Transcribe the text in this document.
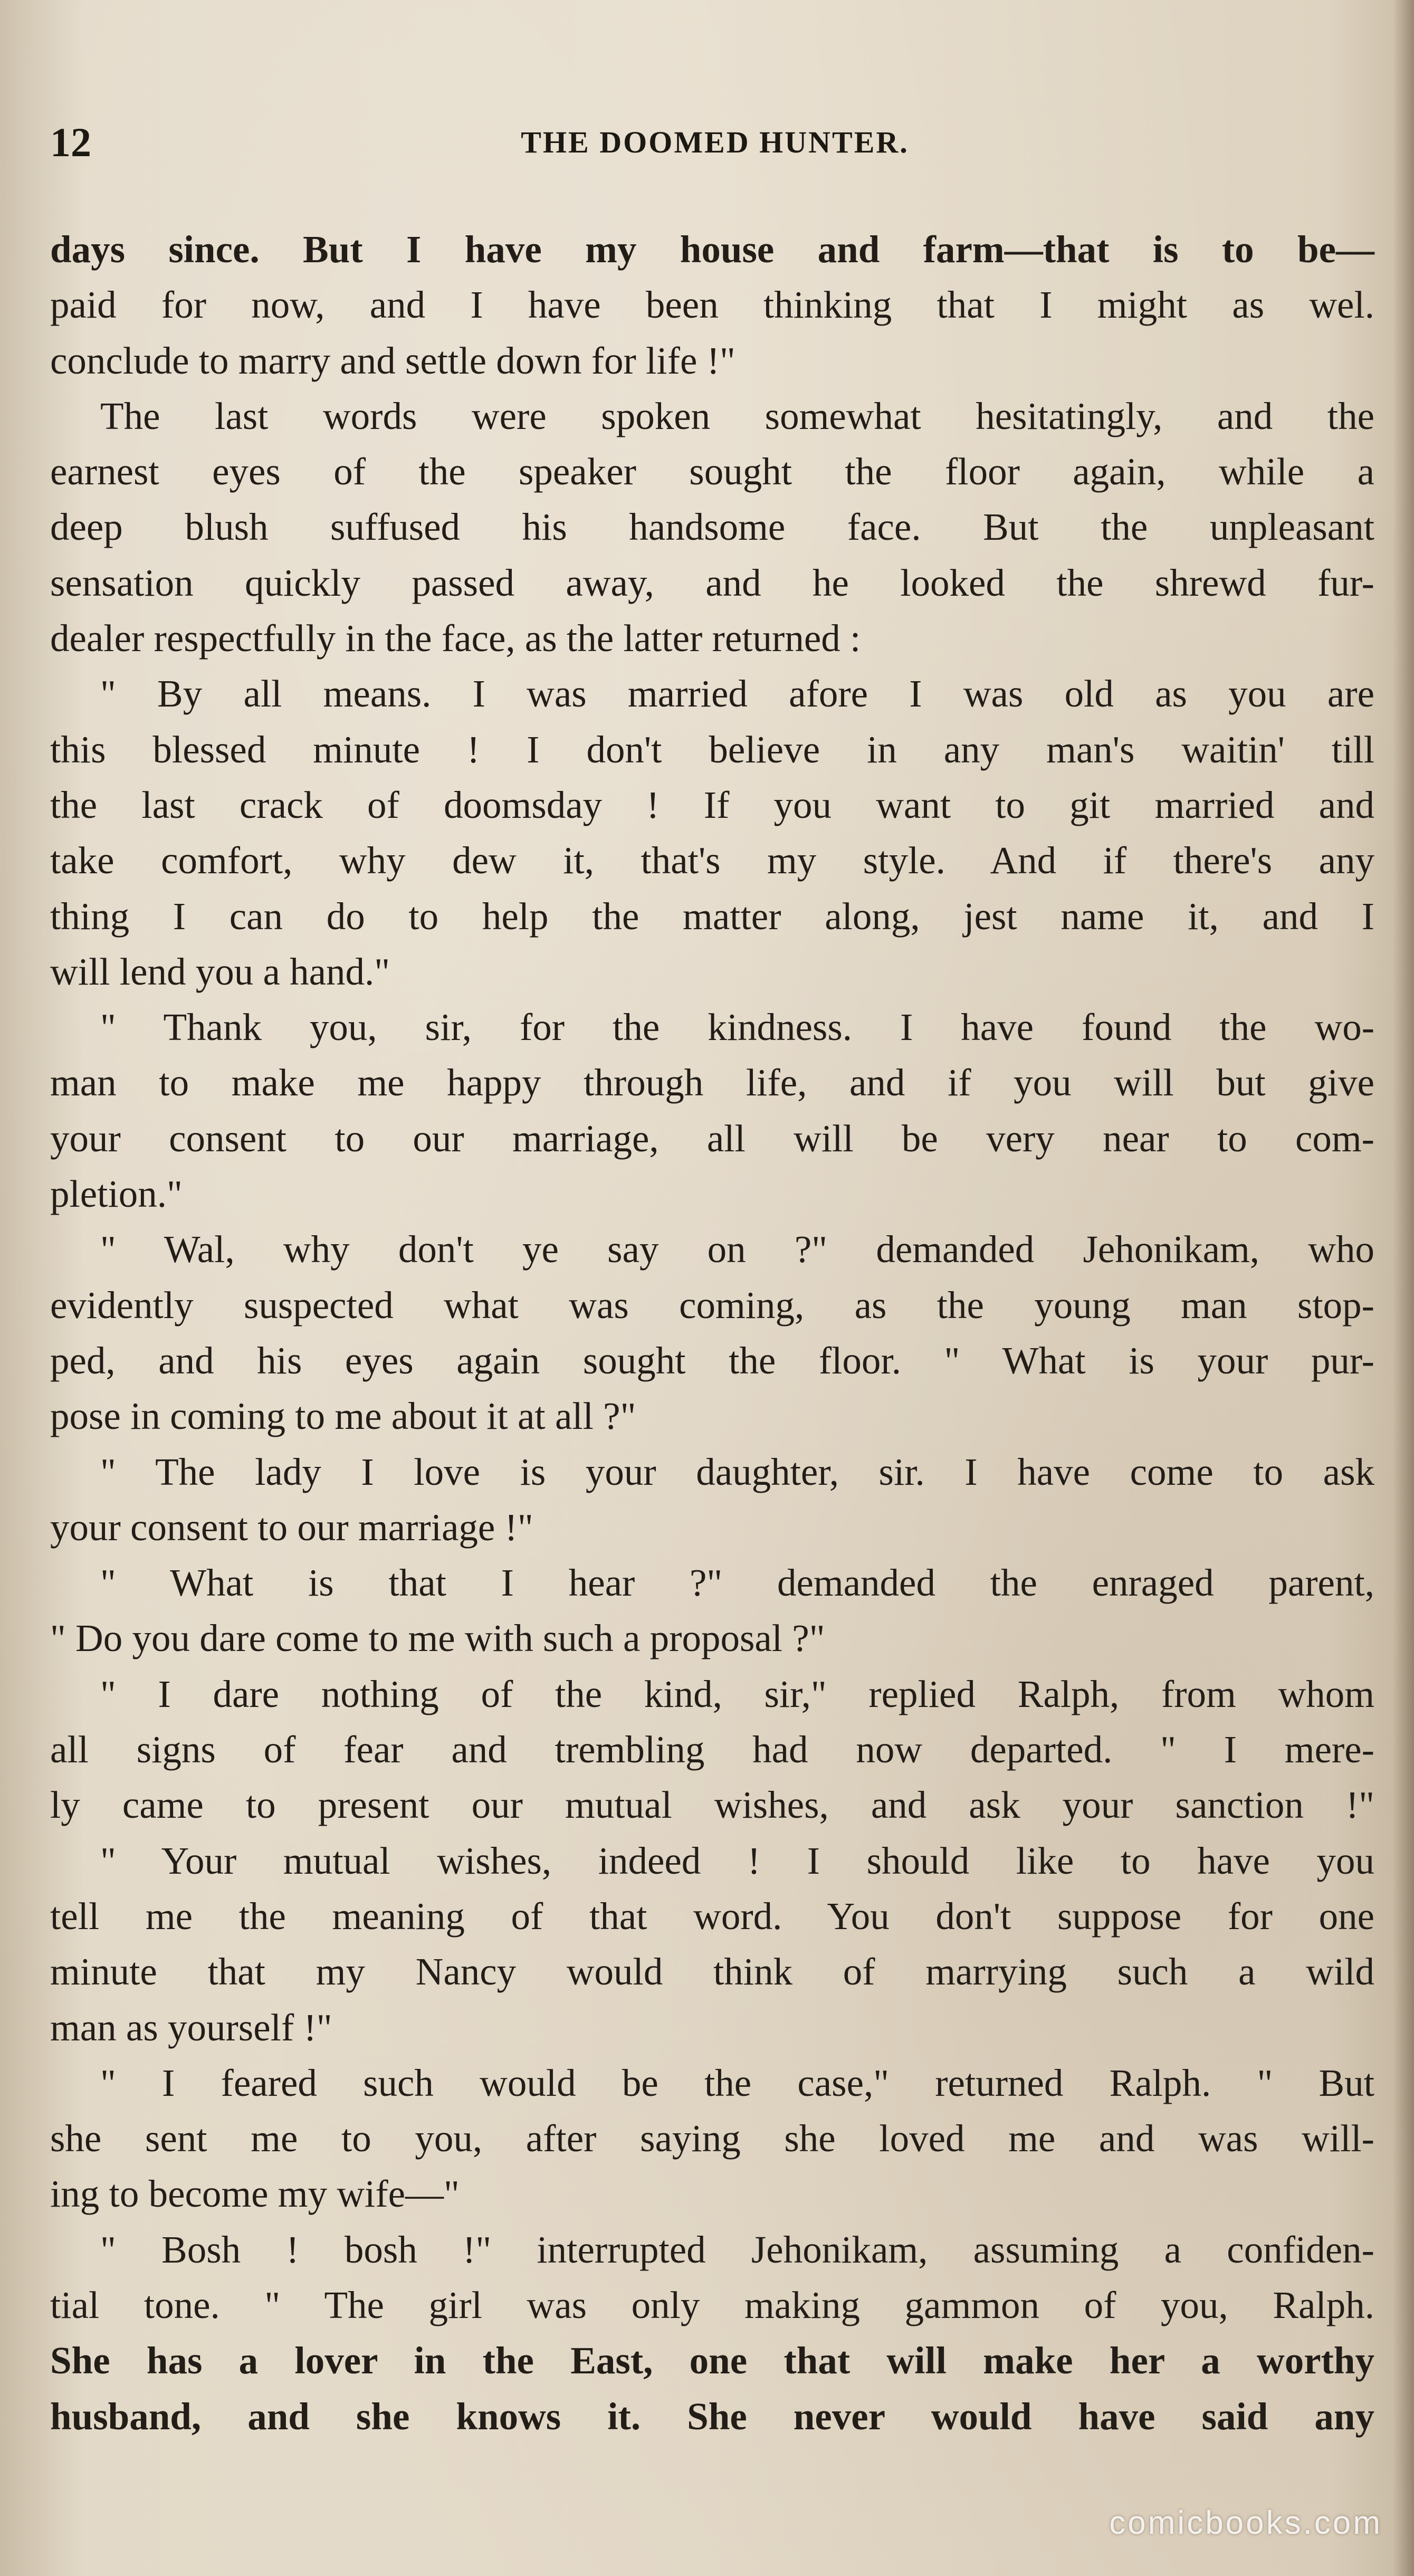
12	THE DOOMED HUNTER.
days since. But I have my house and farm—that is to be—
paid for now, and I have been thinking that I might as wel.
conclude to marry and settle down for life !"
The last words were spoken somewhat hesitatingly, and the
earnest eyes of the speaker sought the floor again, while a
deep blush suffused his handsome face. But the unpleasant
sensation quickly passed away, and he looked the shrewd fur-
dealer respectfully in the face, as the latter returned :
" By all means. I was married afore I was old as you are
this blessed minute ! I don't believe in any man's waitin' till
the last crack of doomsday ! If you want to git married and
take comfort, why dew it, that's my style. And if there's any
thing I can do to help the matter along, jest name it, and I
will lend you a hand."
" Thank you, sir, for the kindness. I have found the wo-
man to make me happy through life, and if you will but give
your consent to our marriage, all will be very near to com-
pletion."
" Wal, why don't ye say on ?" demanded Jehonikam, who
evidently suspected what was coming, as the young man stop-
ped, and his eyes again sought the floor. " What is your pur-
pose in coming to me about it at all ?"
" The lady I love is your daughter, sir. I have come to ask
your consent to our marriage !"
" What is that I hear ?" demanded the enraged parent,
" Do you dare come to me with such a proposal ?"
" I dare nothing of the kind, sir," replied Ralph, from whom
all signs of fear and trembling had now departed. " I mere-
ly came to present our mutual wishes, and ask your sanction !"
" Your mutual wishes, indeed ! I should like to have you
tell me the meaning of that word. You don't suppose for one
minute that my Nancy would think of marrying such a wild
man as yourself !"
" I feared such would be the case," returned Ralph. " But
she sent me to you, after saying she loved me and was will-
ing to become my wife—"
" Bosh ! bosh !" interrupted Jehonikam, assuming a confiden-
tial tone. " The girl was only making gammon of you, Ralph.
She has a lover in the East, one that will make her a worthy
husband, and she knows it. She never would have said any
comicbooks.com
